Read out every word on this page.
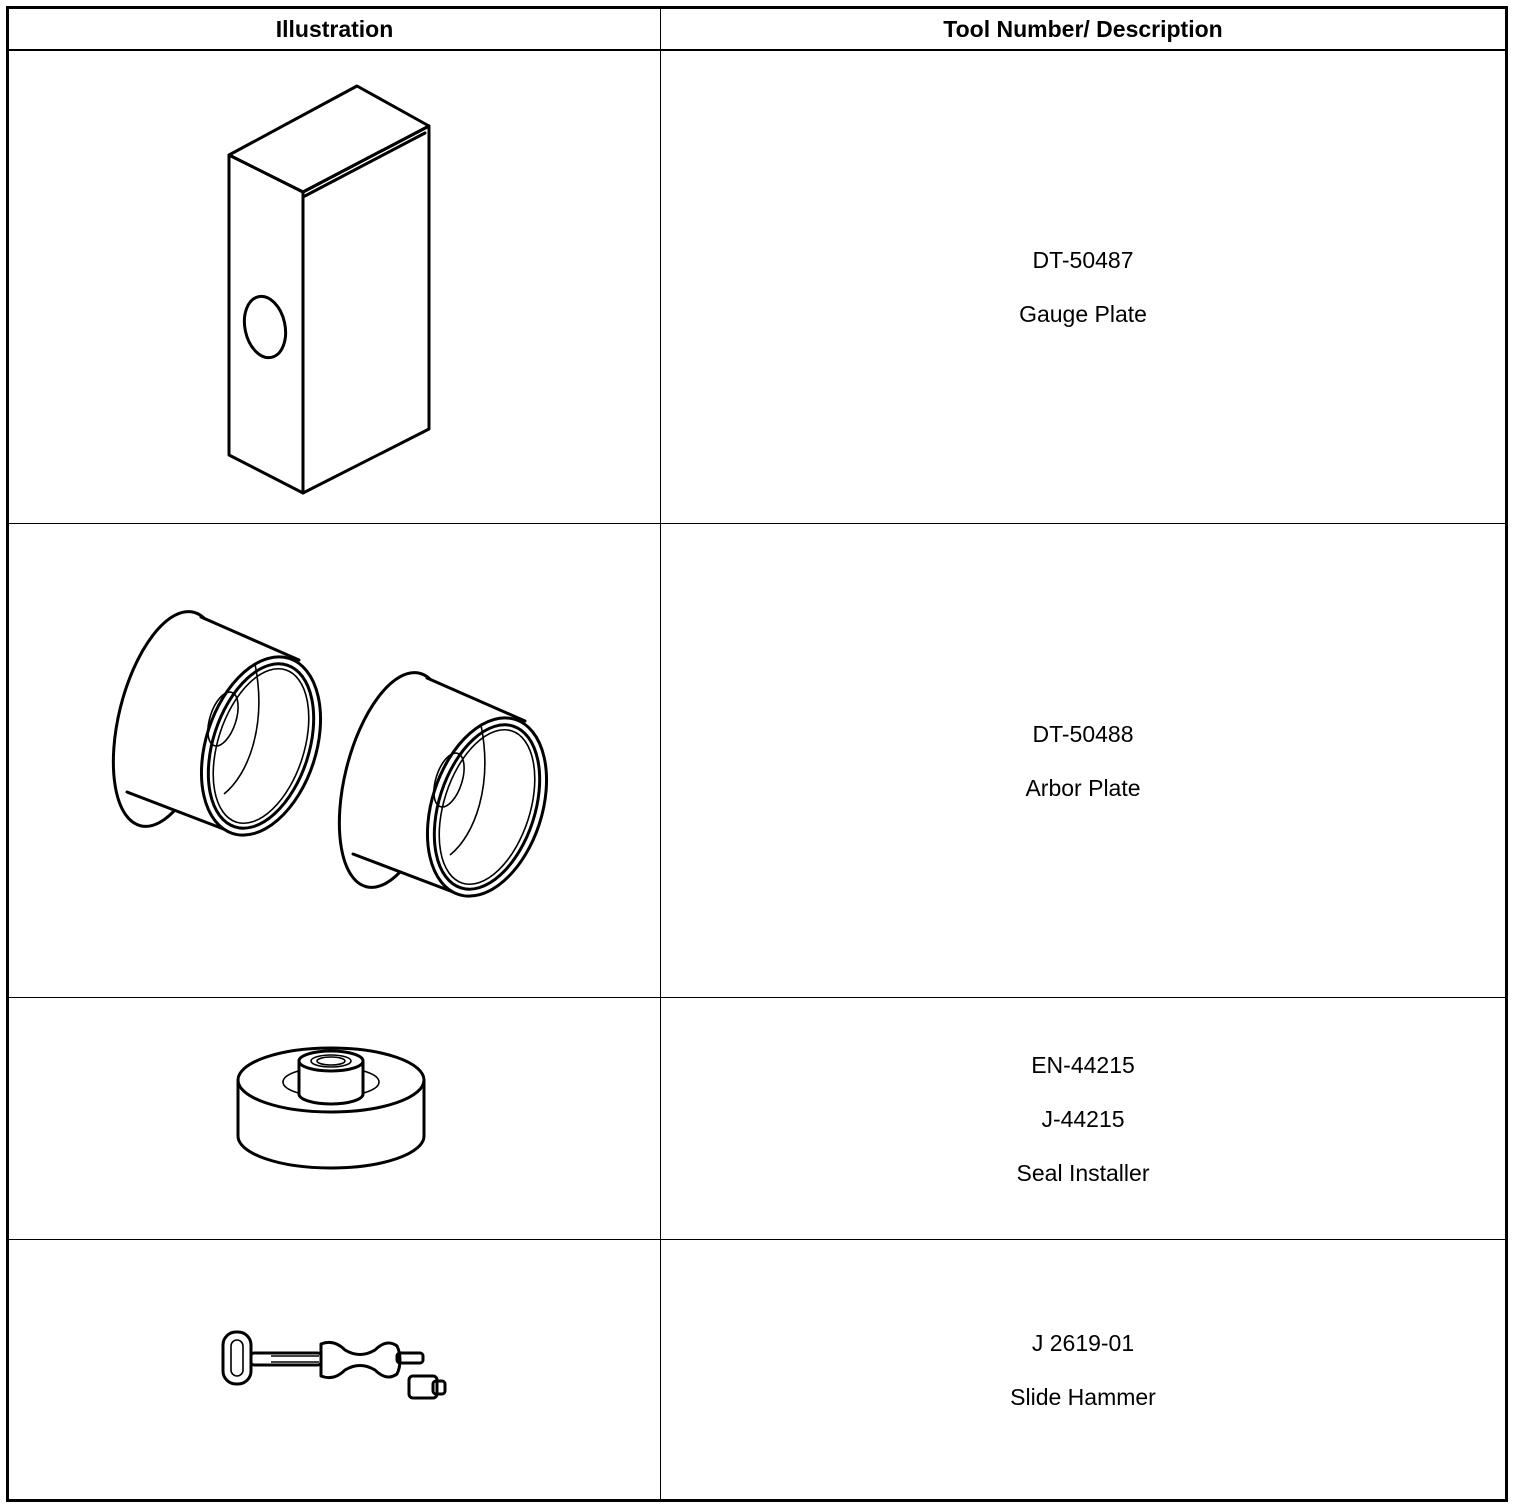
Illustration	Tool Number/ Description
DT-50487
Gauge Plate
DT-50488
Arbor Plate
EN-44215
J-44215
Seal Installer
J 2619-01
Slide Hammer
